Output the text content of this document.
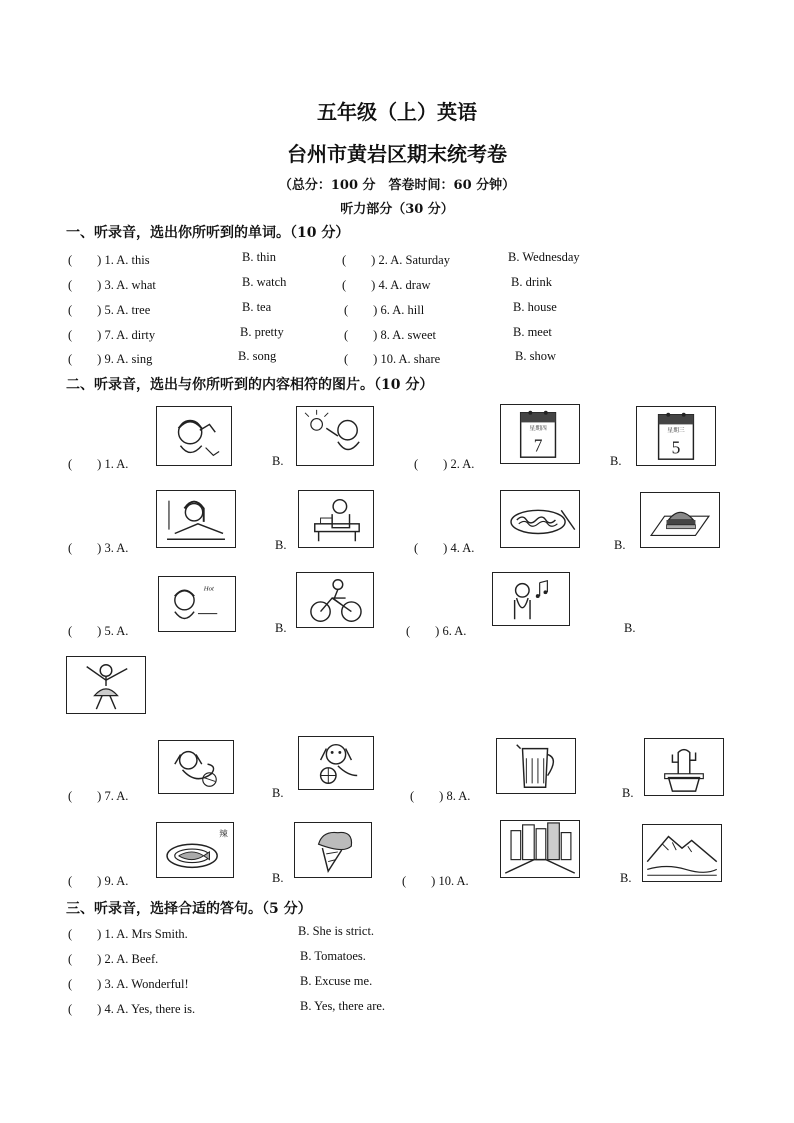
五年级（上）英语
台州市黄岩区期末统考卷
（总分：100 分　答卷时间：60 分钟）
听力部分（30 分）
一、听录音，选出你所听到的单词。（10 分）
(　　) 1. A. this	B. thin	(　　) 2. A. Saturday	B. Wednesday
(　　) 3. A. what	B. watch	(　　) 4. A. draw	B. drink
(　　) 5. A. tree	B. tea	(　　) 6. A. hill	B. house
(　　) 7. A. dirty	B. pretty	(　　) 8. A. sweet	B. meet
(　　) 9. A. sing	B. song	(　　) 10. A. share	B. show
二、听录音，选出与你所听到的内容相符的图片。（10 分）
(　　) 1. A.	B.	(　　) 2. A.
星期四
7
B.
星期三
5
(　　) 3. A.	B.	(　　) 4. A.	B.
(　　) 5. A.
Hot
B.	(　　) 6. A.	B.
(　　) 7. A.	B.	(　　) 8. A.	B.
(　　) 9. A.
辣
B.	(　　) 10. A.	B.
三、听录音，选择合适的答句。（5 分）
(　　) 1. A. Mrs Smith.	B. She is strict.
(　　) 2. A. Beef.	B. Tomatoes.
(　　) 3. A. Wonderful!	B. Excuse me.
(　　) 4. A. Yes, there is.	B. Yes, there are.
